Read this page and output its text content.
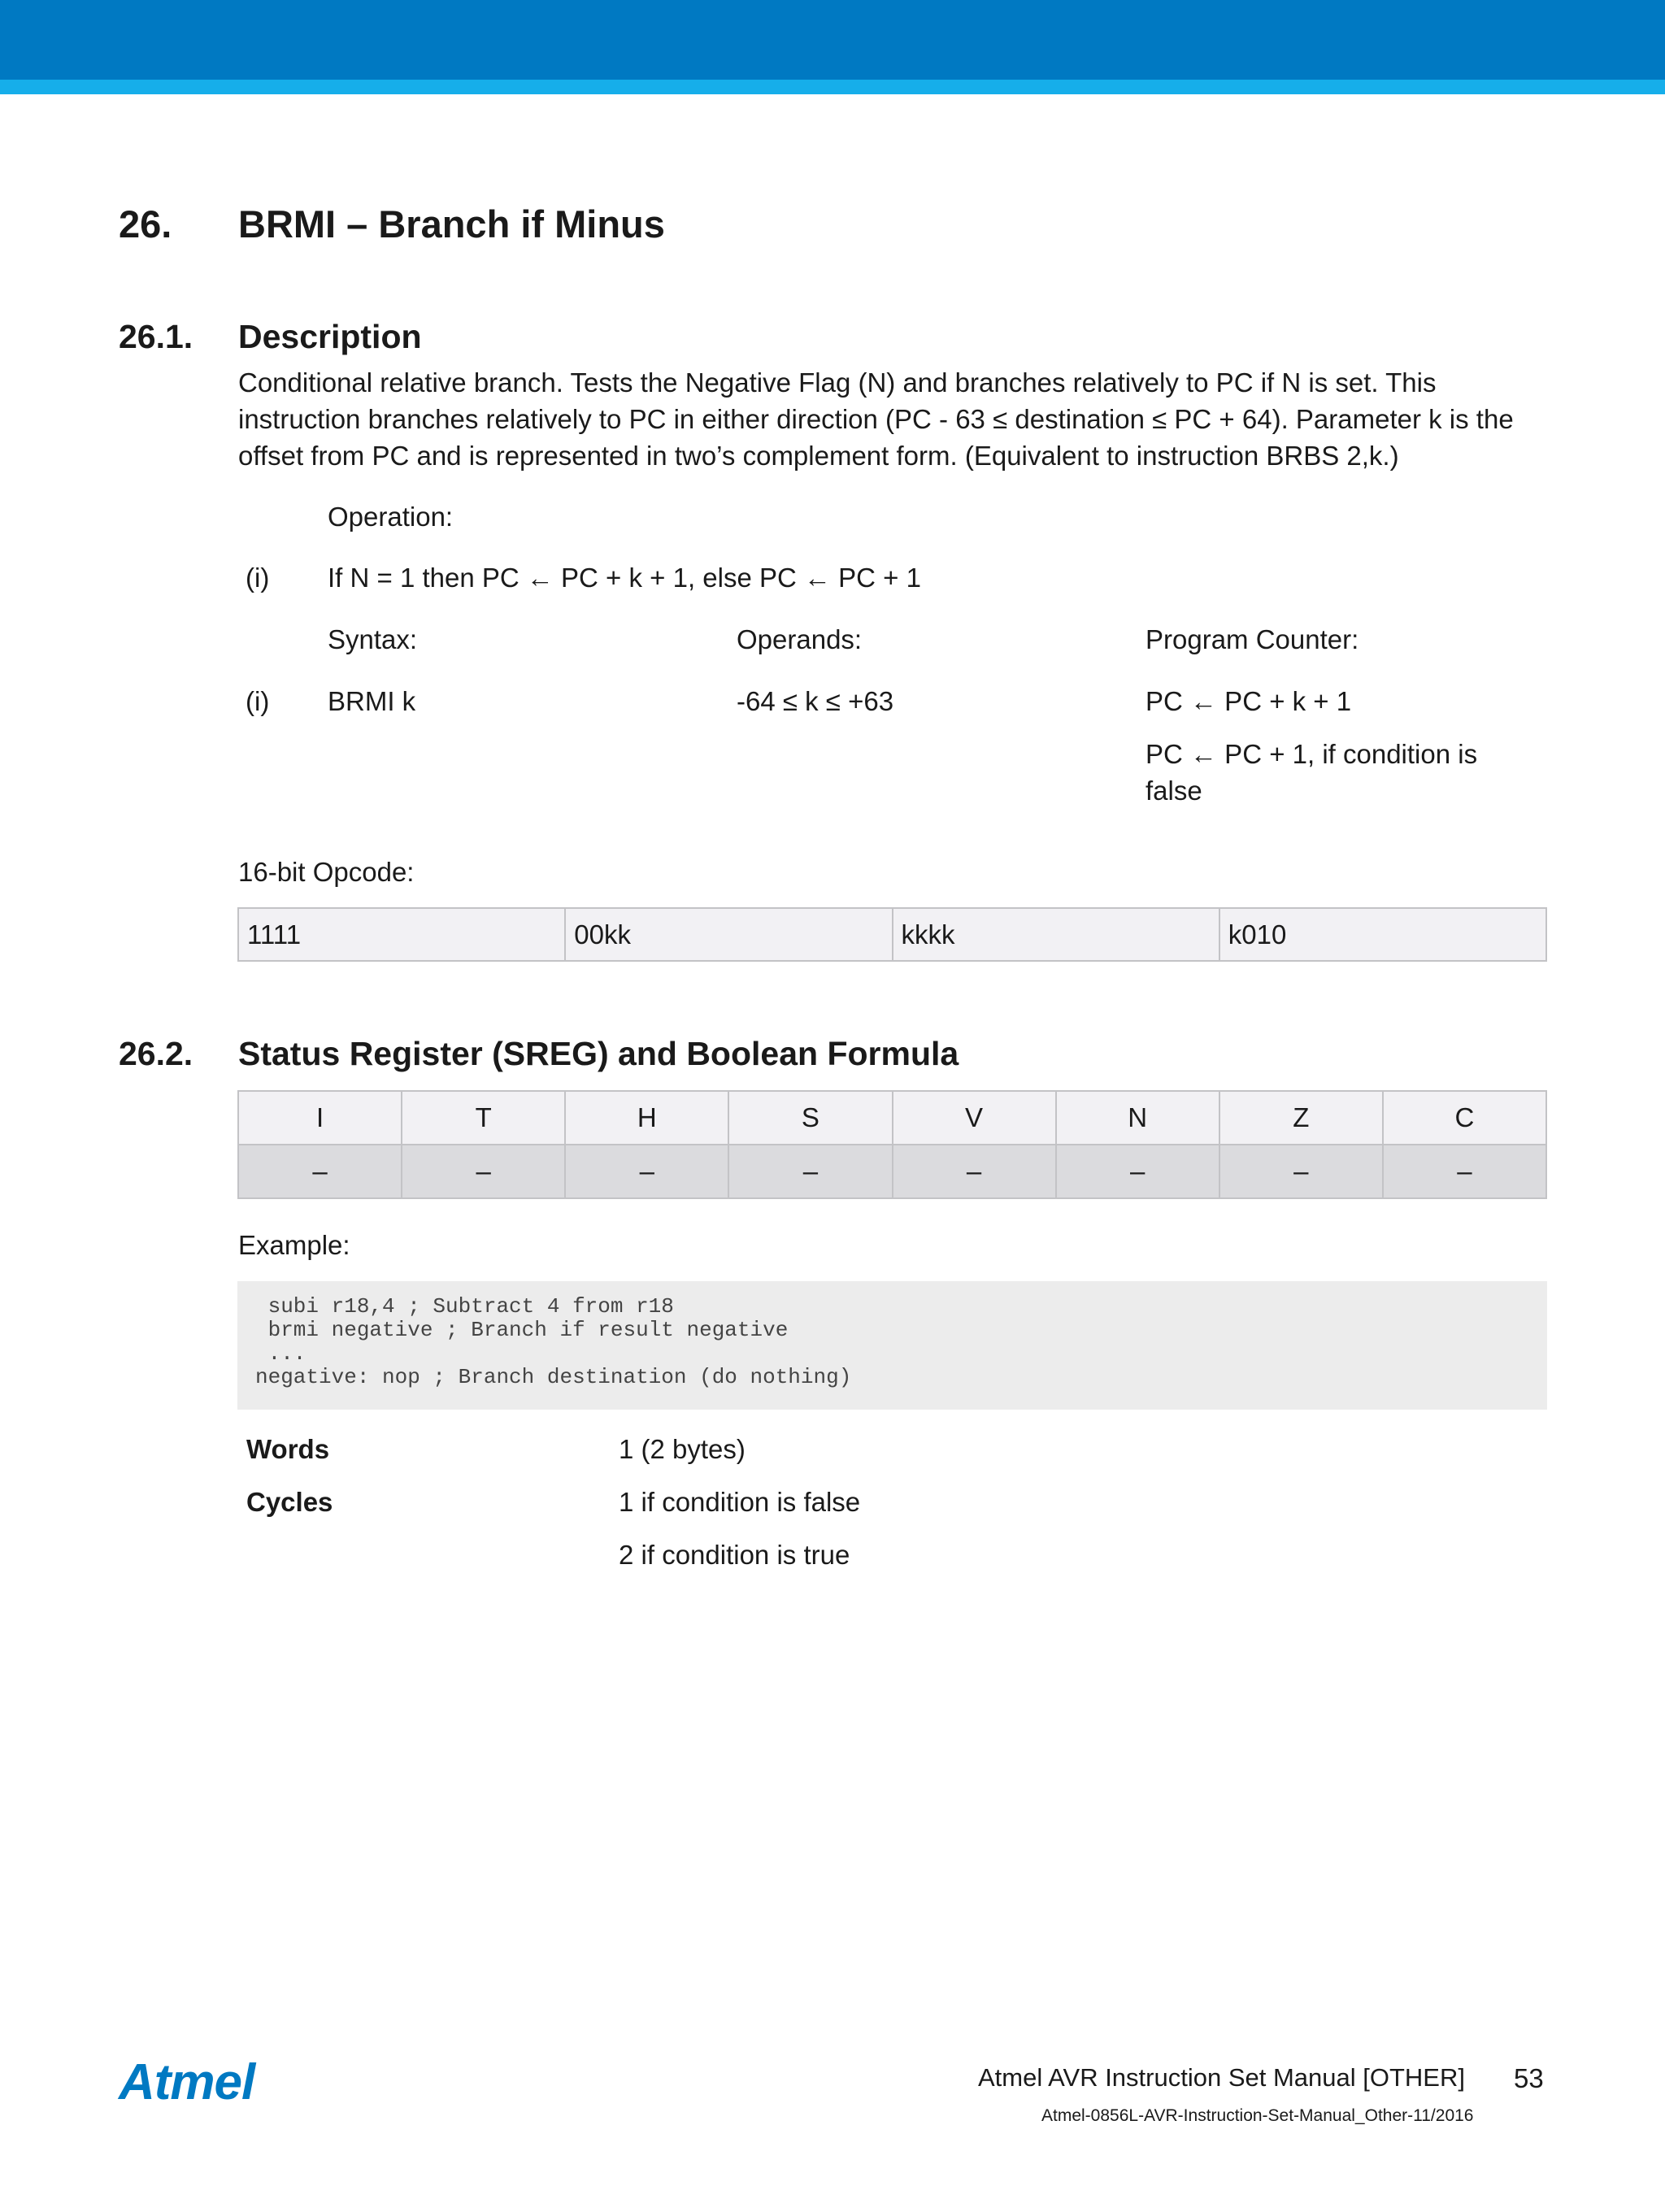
26. BRMI – Branch if Minus
26.1. Description
Conditional relative branch. Tests the Negative Flag (N) and branches relatively to PC if N is set. This instruction branches relatively to PC in either direction (PC - 63 ≤ destination ≤ PC + 64). Parameter k is the offset from PC and is represented in two’s complement form. (Equivalent to instruction BRBS 2,k.)
Operation:
(i) If N = 1 then PC ← PC + k + 1, else PC ← PC + 1
Syntax:	Operands:	Program Counter:
(i) BRMI k	-64 ≤ k ≤ +63	PC ← PC + k + 1
PC ← PC + 1, if condition is false
16-bit Opcode:
1111	00kk	kkkk	k010
26.2. Status Register (SREG) and Boolean Formula
I	T	H	S	V	N	Z	C
–	–	–	–	–	–	–	–
Example:
subi r18,4 ; Subtract 4 from r18
brmi negative ; Branch if result negative
...
negative: nop ; Branch destination (do nothing)
Words	1 (2 bytes)
Cycles	1 if condition is false
2 if condition is true
Atmel	Atmel AVR Instruction Set Manual [OTHER] 53
Atmel-0856L-AVR-Instruction-Set-Manual_Other-11/2016
